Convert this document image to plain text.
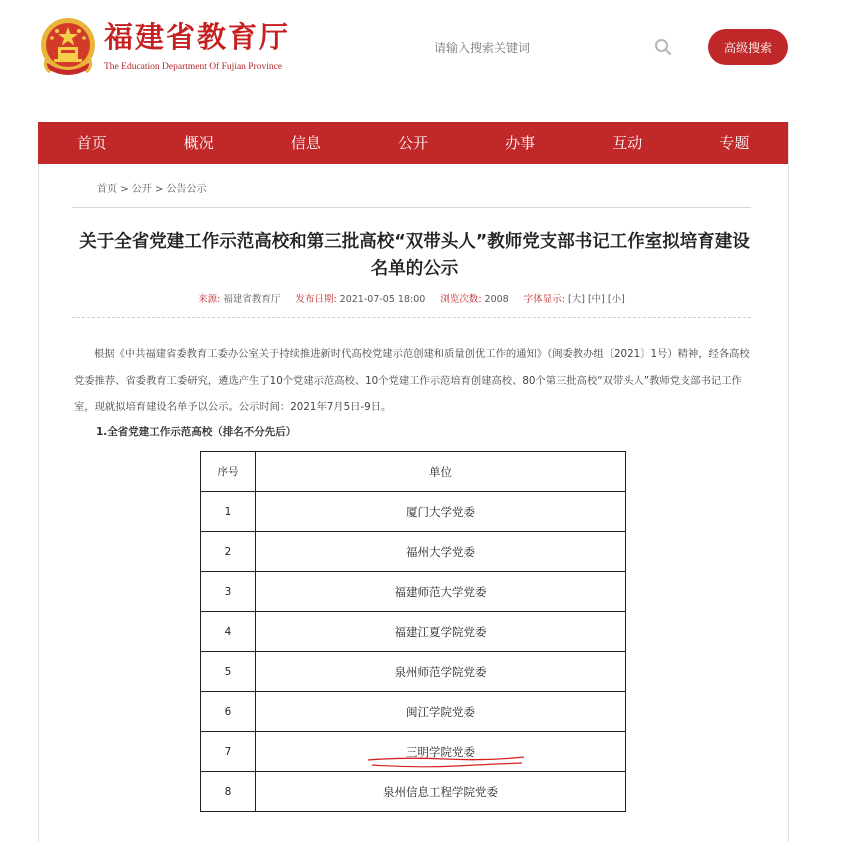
福建省教育厅
The Education Department Of Fujian Province
请输入搜索关键词
高级搜索
首页	概况	信息	公开	办事	互动	专题
首页 > 公开 > 公告公示
关于全省党建工作示范高校和第三批高校“双带头人”教师党支部书记工作室拟培育建设名单的公示
来源: 福建省教育厅 发布日期: 2021-07-05 18:00 浏览次数: 2008 字体显示: [大] [中] [小]

根据《中共福建省委教育工委办公室关于持续推进新时代高校党建示范创建和质量创优工作的通知》（闽委教办组〔2021〕1号）精神，经各高校党委推荐、省委教育工委研究，遴选产生了10个党建示范高校、10个党建工作示范培育创建高校、80个第三批高校“双带头人”教师党支部书记工作室，现就拟培育建设名单予以公示。公示时间：2021年7月5日-9日。

1.全省党建工作示范高校（排名不分先后）
序号	单位
1	厦门大学党委
2	福州大学党委
3	福建师范大学党委
4	福建江夏学院党委
5	泉州师范学院党委
6	闽江学院党委
7	三明学院党委
8	泉州信息工程学院党委
